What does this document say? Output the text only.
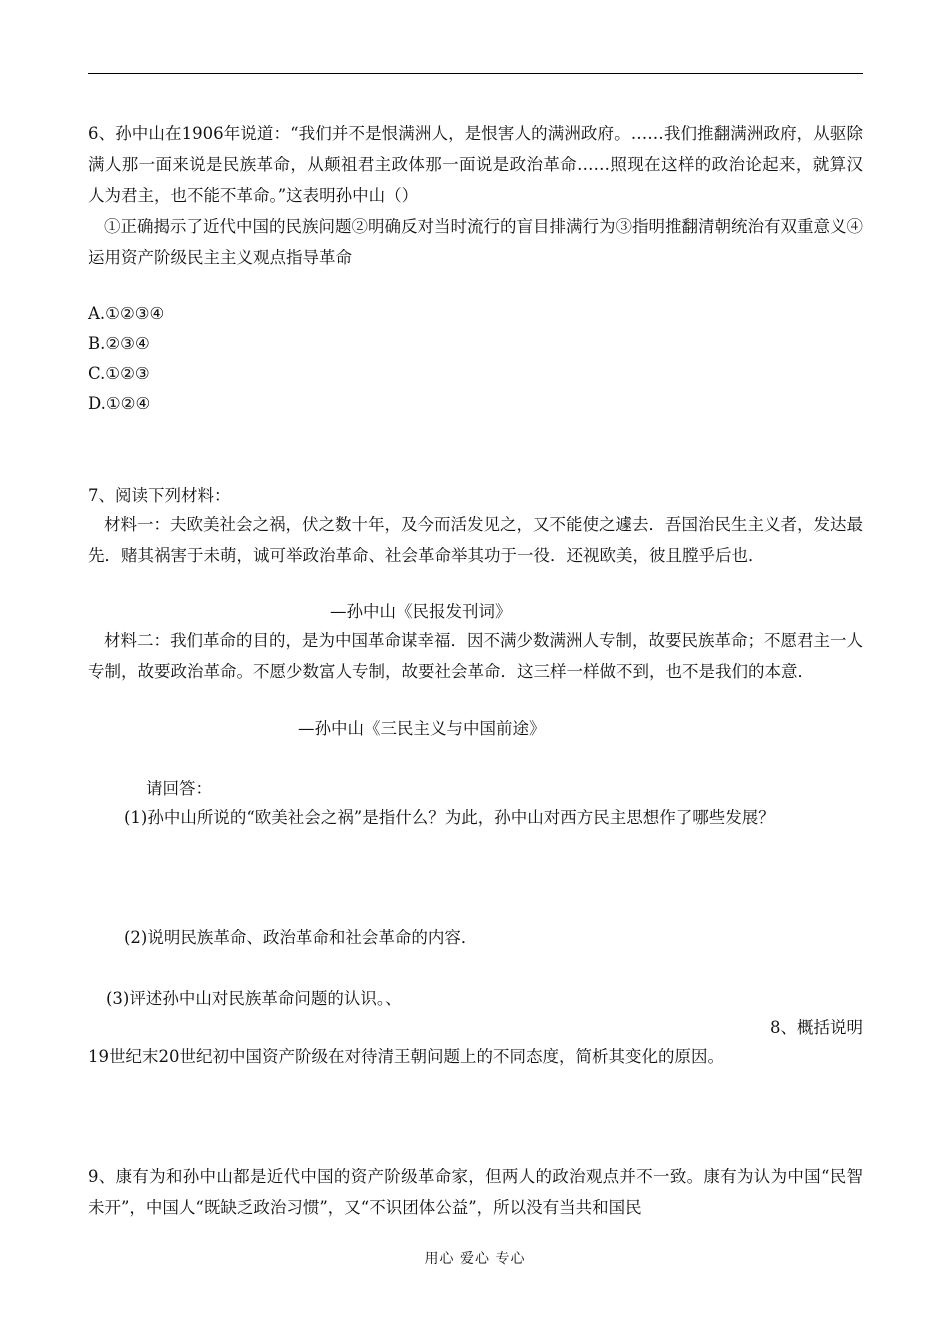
6、孙中山在1906年说道：“我们并不是恨满洲人，是恨害人的满洲政府。……我们推翻满洲政府，从驱除满人那一面来说是民族革命，从颠祖君主政体那一面说是政治革命……照现在这样的政治论起来，就算汉人为君主，也不能不革命。”这表明孙中山（）
①正确揭示了近代中国的民族问题②明确反对当时流行的盲目排满行为③指明推翻清朝统治有双重意义④运用资产阶级民主主义观点指导革命

A.①②③④

B.②③④

C.①②③

D.①②④

7、阅读下列材料：
材料一：夫欧美社会之祸，伏之数十年，及今而活发见之，又不能使之遽去．吾国治民生主义者，发达最先．赌其祸害于未萌，诚可举政治革命、社会革命举其功于一役．还视欧美，彼且膛乎后也．
—孙中山《民报发刊词》
材料二：我们革命的目的，是为中国革命谋幸福．因不满少数满洲人专制，故要民族革命；不愿君主一人专制，故要政治革命。不愿少数富人专制，故要社会革命．这三样一样做不到，也不是我们的本意．
—孙中山《三民主义与中国前途》
请回答：
(1)孙中山所说的“欧美社会之祸”是指什么？为此，孙中山对西方民主思想作了哪些发展？
(2)说明民族革命、政治革命和社会革命的内容．
(3)评述孙中山对民族革命问题的认识。、
8、概括说明
19世纪末20世纪初中国资产阶级在对待清王朝问题上的不同态度，简析其变化的原因。
9、康有为和孙中山都是近代中国的资产阶级革命家，但两人的政治观点并不一致。康有为认为中国“民智未开”，中国人“既缺乏政治习惯”，又“不识团体公益”，所以没有当共和国民
用心 爱心 专心
